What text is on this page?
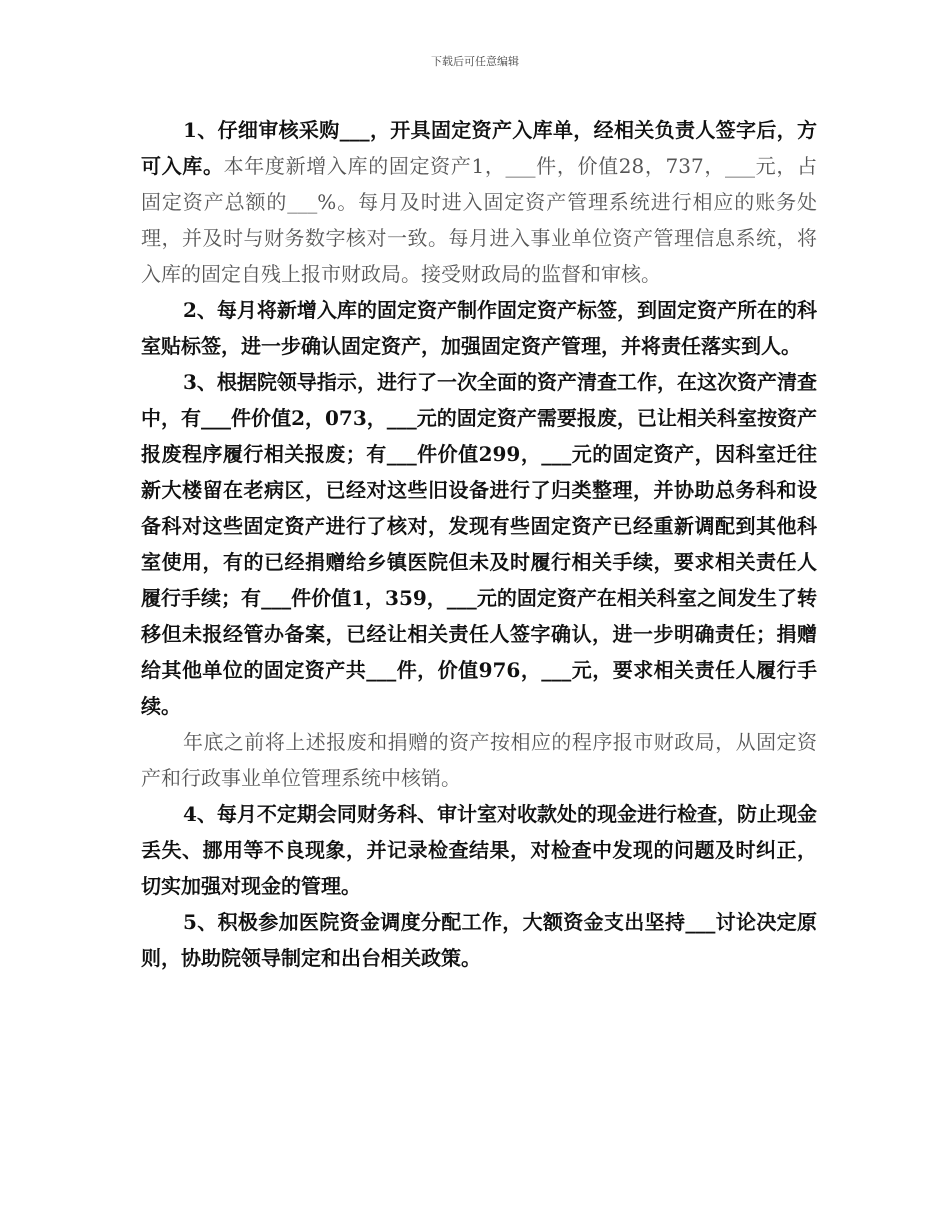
下载后可任意编辑

1、仔细审核采购___，开具固定资产入库单，经相关负责人签字后，方可入库。本年度新增入库的固定资产1，___件，价值28，737，___元，占固定资产总额的___%。每月及时进入固定资产管理系统进行相应的账务处理，并及时与财务数字核对一致。每月进入事业单位资产管理信息系统，将入库的固定自残上报市财政局。接受财政局的监督和审核。

2、每月将新增入库的固定资产制作固定资产标签，到固定资产所在的科室贴标签，进一步确认固定资产，加强固定资产管理，并将责任落实到人。

3、根据院领导指示，进行了一次全面的资产清查工作，在这次资产清查中，有___件价值2，073，___元的固定资产需要报废，已让相关科室按资产报废程序履行相关报废；有___件价值299，___元的固定资产，因科室迁往新大楼留在老病区，已经对这些旧设备进行了归类整理，并协助总务科和设备科对这些固定资产进行了核对，发现有些固定资产已经重新调配到其他科室使用，有的已经捐赠给乡镇医院但未及时履行相关手续，要求相关责任人履行手续；有___件价值1，359，___元的固定资产在相关科室之间发生了转移但未报经管办备案，已经让相关责任人签字确认，进一步明确责任；捐赠给其他单位的固定资产共___件，价值976，___元，要求相关责任人履行手续。

年底之前将上述报废和捐赠的资产按相应的程序报市财政局，从固定资产和行政事业单位管理系统中核销。

4、每月不定期会同财务科、审计室对收款处的现金进行检查，防止现金丢失、挪用等不良现象，并记录检查结果，对检查中发现的问题及时纠正，切实加强对现金的管理。

5、积极参加医院资金调度分配工作，大额资金支出坚持___讨论决定原则，协助院领导制定和出台相关政策。
